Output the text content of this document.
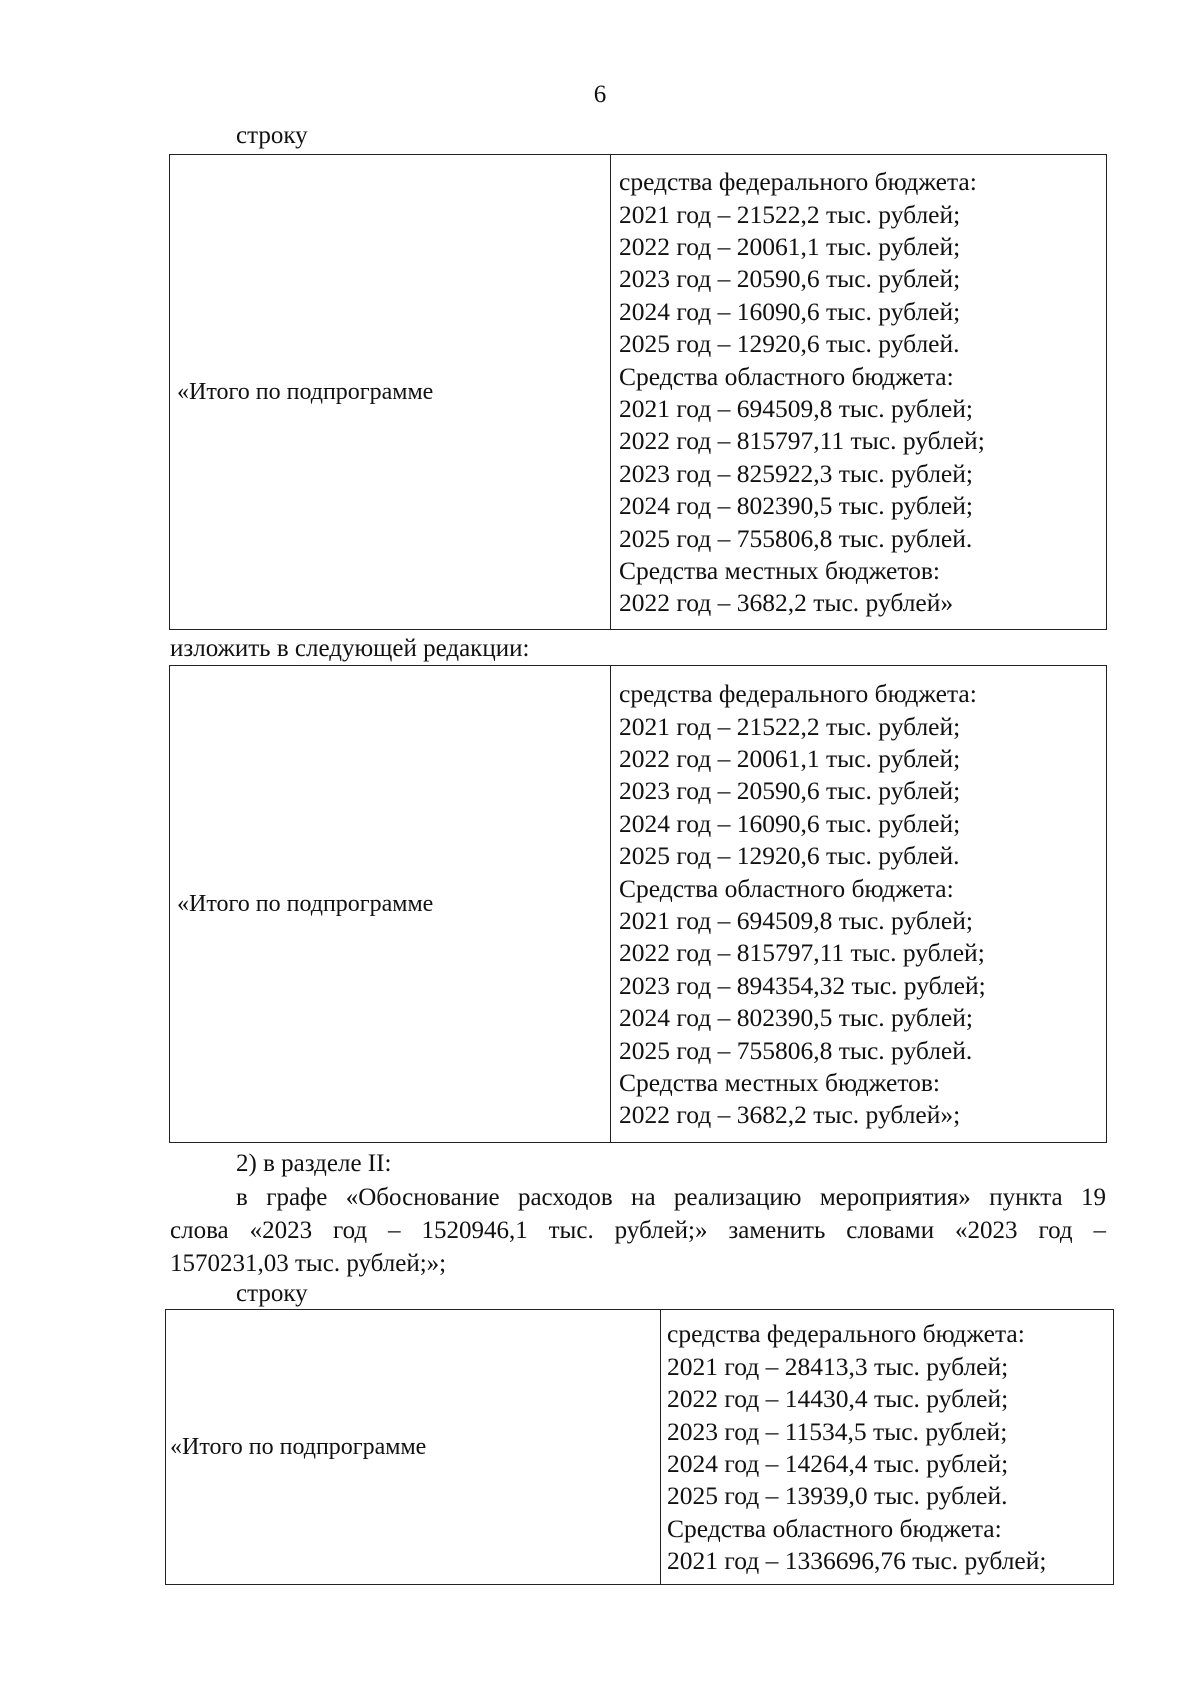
6
строку
«Итого по подпрограмме	
средства федерального бюджета:
2021 год – 21522,2 тыс. рублей;
2022 год – 20061,1 тыс. рублей;
2023 год – 20590,6 тыс. рублей;
2024 год – 16090,6 тыс. рублей;
2025 год – 12920,6 тыс. рублей.
Средства областного бюджета:
2021 год – 694509,8 тыс. рублей;
2022 год – 815797,11 тыс. рублей;
2023 год – 825922,3 тыс. рублей;
2024 год – 802390,5 тыс. рублей;
2025 год – 755806,8 тыс. рублей.
Средства местных бюджетов:
2022 год – 3682,2 тыс. рублей»
изложить в следующей редакции:
«Итого по подпрограмме	
средства федерального бюджета:
2021 год – 21522,2 тыс. рублей;
2022 год – 20061,1 тыс. рублей;
2023 год – 20590,6 тыс. рублей;
2024 год – 16090,6 тыс. рублей;
2025 год – 12920,6 тыс. рублей.
Средства областного бюджета:
2021 год – 694509,8 тыс. рублей;
2022 год – 815797,11 тыс. рублей;
2023 год – 894354,32 тыс. рублей;
2024 год – 802390,5 тыс. рублей;
2025 год – 755806,8 тыс. рублей.
Средства местных бюджетов:
2022 год – 3682,2 тыс. рублей»;
2) в разделе II:
в графе «Обоснование расходов на реализацию мероприятия» пункта 19
слова «2023 год – 1520946,1 тыс. рублей;» заменить словами «2023 год –
1570231,03 тыс. рублей;»;
строку
«Итого по подпрограмме	
средства федерального бюджета:
2021 год – 28413,3 тыс. рублей;
2022 год – 14430,4 тыс. рублей;
2023 год – 11534,5 тыс. рублей;
2024 год – 14264,4 тыс. рублей;
2025 год – 13939,0 тыс. рублей.
Средства областного бюджета:
2021 год – 1336696,76 тыс. рублей;
